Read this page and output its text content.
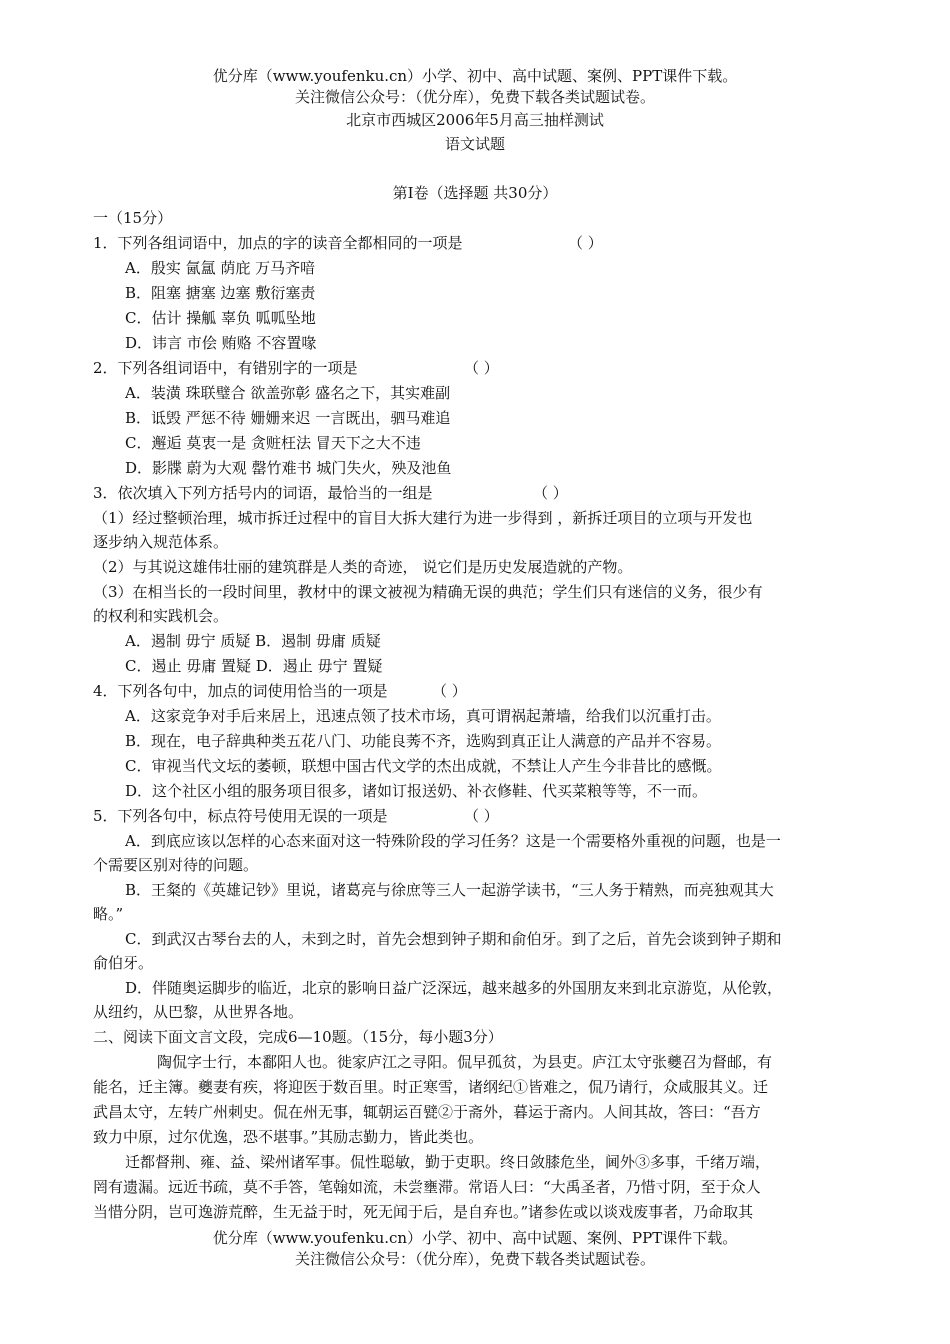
优分库（www.youfenku.cn）小学、初中、高中试题、案例、PPT课件下载。
关注微信公众号：（优分库），免费下载各类试题试卷。
北京市西城区2006年5月高三抽样测试
语文试题
第Ⅰ卷（选择题 共30分）
一（15分）
1．下列各组词语中，加点的字的读音全都相同的一项是	（ ）
A．殷实 氤氲 荫庇 万马齐喑
B．阻塞 搪塞 边塞 敷衍塞责
C．估计 操觚 辜负 呱呱坠地
D．讳言 市侩 贿赂 不容置喙
2．下列各组词语中，有错别字的一项是	（ ）
A．装潢 珠联璧合 欲盖弥彰 盛名之下，其实难副
B．诋毁 严惩不待 姗姗来迟 一言既出，驷马难追
C．邂逅 莫衷一是 贪赃枉法 冒天下之大不违
D．影牒 蔚为大观 罄竹难书 城门失火，殃及池鱼
3．依次填入下列方括号内的词语，最恰当的一组是	（ ）
（1）经过整顿治理，城市拆迁过程中的盲目大拆大建行为进一步得到 ，新拆迁项目的立项与开发也
逐步纳入规范体系。
（2）与其说这雄伟壮丽的建筑群是人类的奇迹， 说它们是历史发展造就的产物。
（3）在相当长的一段时间里，教材中的课文被视为精确无误的典范；学生们只有迷信的义务，很少有
的权利和实践机会。
A．遏制 毋宁 质疑 B．遏制 毋庸 质疑
C．遏止 毋庸 置疑 D．遏止 毋宁 置疑
4．下列各句中，加点的词使用恰当的一项是	（ ）
A．这家竞争对手后来居上，迅速点领了技术市场，真可谓祸起萧墙，给我们以沉重打击。
B．现在，电子辞典种类五花八门、功能良莠不齐，选购到真正让人满意的产品并不容易。
C．审视当代文坛的萎顿，联想中国古代文学的杰出成就，不禁让人产生今非昔比的感慨。
D．这个社区小组的服务项目很多，诸如订报送奶、补衣修鞋、代买菜粮等等，不一而。
5．下列各句中，标点符号使用无误的一项是	（ ）
A．到底应该以怎样的心态来面对这一特殊阶段的学习任务？这是一个需要格外重视的问题，也是一
个需要区别对待的问题。
B．王粲的《英雄记钞》里说，诸葛亮与徐庶等三人一起游学读书，“三人务于精熟，而亮独观其大
略。”
C．到武汉古琴台去的人，未到之时，首先会想到钟子期和俞伯牙。到了之后，首先会谈到钟子期和
俞伯牙。
D．伴随奥运脚步的临近，北京的影响日益广泛深远，越来越多的外国朋友来到北京游览，从伦敦，
从纽约，从巴黎，从世界各地。
二、阅读下面文言文段，完成6—10题。（15分，每小题3分）
陶侃字士行，本鄱阳人也。徙家庐江之寻阳。侃早孤贫，为县吏。庐江太守张夔召为督邮，有
能名，迁主簿。夔妻有疾，将迎医于数百里。时正寒雪，诸纲纪①皆难之，侃乃请行，众咸服其义。迁
武昌太守，左转广州刺史。侃在州无事，辄朝运百甓②于斋外，暮运于斋内。人间其故，答曰：“吾方
致力中原，过尔优逸，恐不堪事。”其励志勤力，皆此类也。
迁都督荆、雍、益、梁州诸军事。侃性聪敏，勤于吏职。终日敛膝危坐，阃外③多事，千绪万端，
罔有遗漏。远近书疏，莫不手答，笔翰如流，未尝壅滞。常语人曰：“大禹圣者，乃惜寸阴，至于众人
当惜分阴，岂可逸游荒醉，生无益于时，死无闻于后，是自弃也。”诸参佐或以谈戏废事者，乃命取其
优分库（www.youfenku.cn）小学、初中、高中试题、案例、PPT课件下载。
关注微信公众号：（优分库），免费下载各类试题试卷。
